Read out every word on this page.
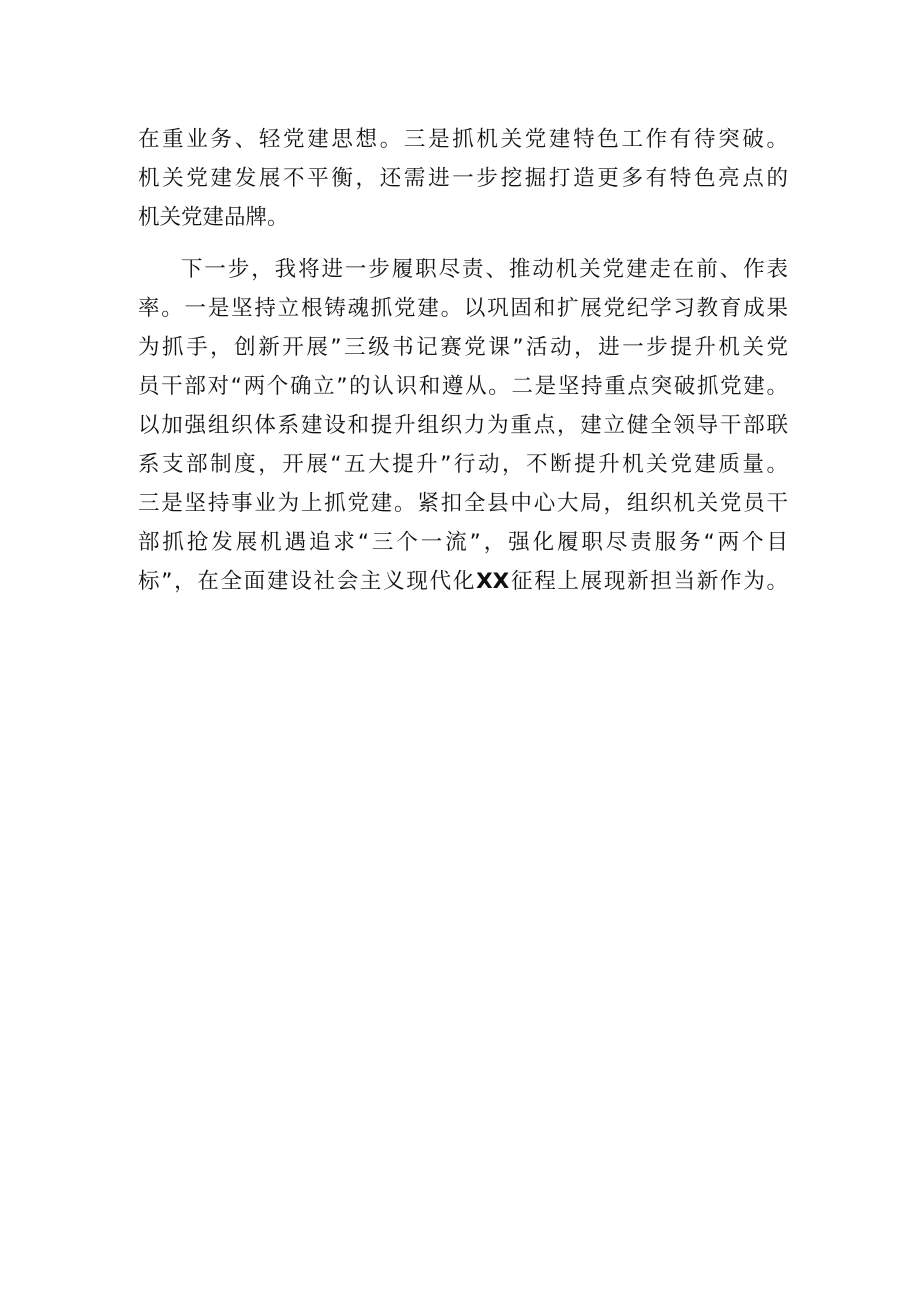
在重业务、轻党建思想。三是抓机关党建特色工作有待突破。
机关党建发展不平衡，还需进一步挖掘打造更多有特色亮点的
机关党建品牌。
下一步，我将进一步履职尽责、推动机关党建走在前、作表
率。一是坚持立根铸魂抓党建。以巩固和扩展党纪学习教育成果
为抓手，创新开展”三级书记赛党课”活动，进一步提升机关党
员干部对“两个确立”的认识和遵从。二是坚持重点突破抓党建。
以加强组织体系建设和提升组织力为重点，建立健全领导干部联
系支部制度，开展“五大提升”行动，不断提升机关党建质量。
三是坚持事业为上抓党建。紧扣全县中心大局，组织机关党员干
部抓抢发展机遇追求“三个一流”，强化履职尽责服务“两个目
标”，在全面建设社会主义现代化XX征程上展现新担当新作为。
